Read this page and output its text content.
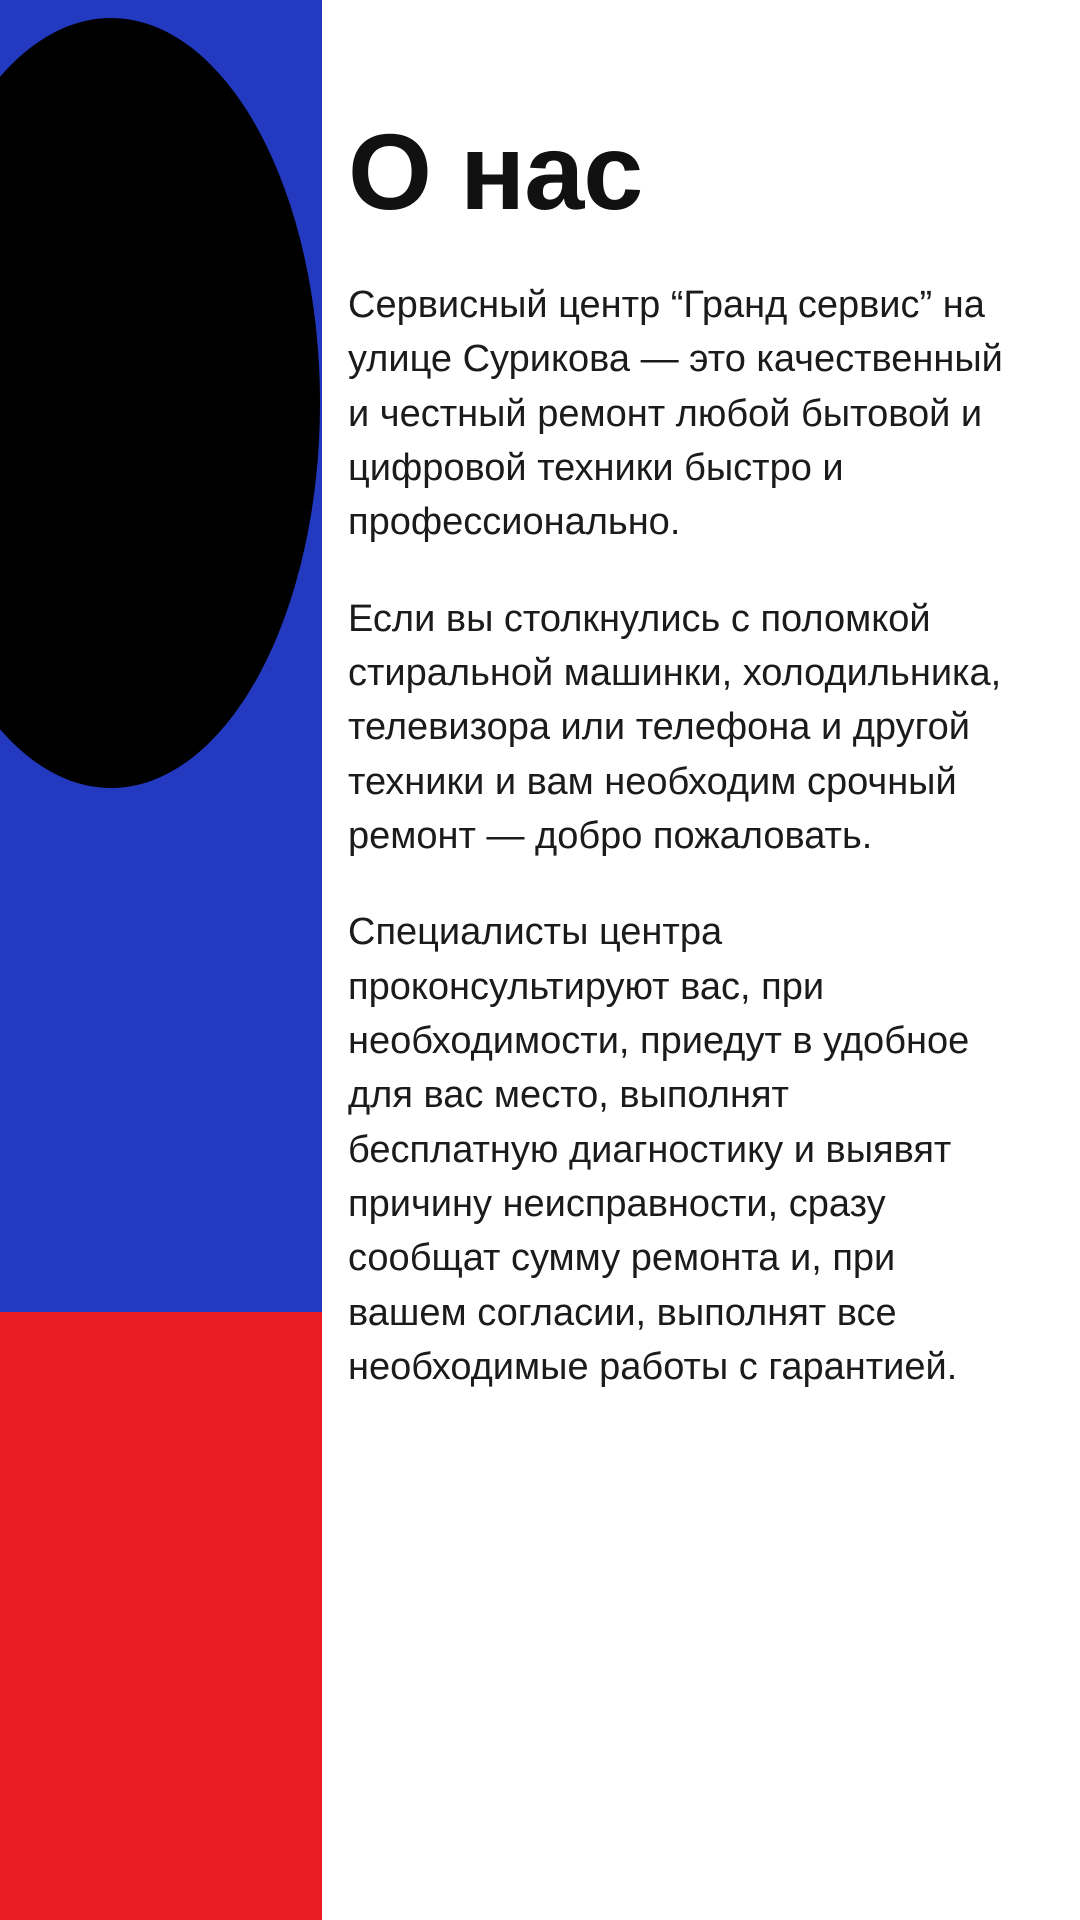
О нас

Сервисный центр “Гранд сервис” на улице Сурикова — это качественный и честный ремонт любой бытовой и цифровой техники быстро и профессионально.

Если вы столкнулись с поломкой стиральной машинки, холодильника, телевизора или телефона и другой техники и вам необходим срочный ремонт — добро пожаловать.

Специалисты центра проконсультируют вас, при необходимости, приедут в удобное для вас место, выполнят бесплатную диагностику и выявят причину неисправности, сразу сообщат сумму ремонта и, при вашем согласии, выполнят все необходимые работы с гарантией.
